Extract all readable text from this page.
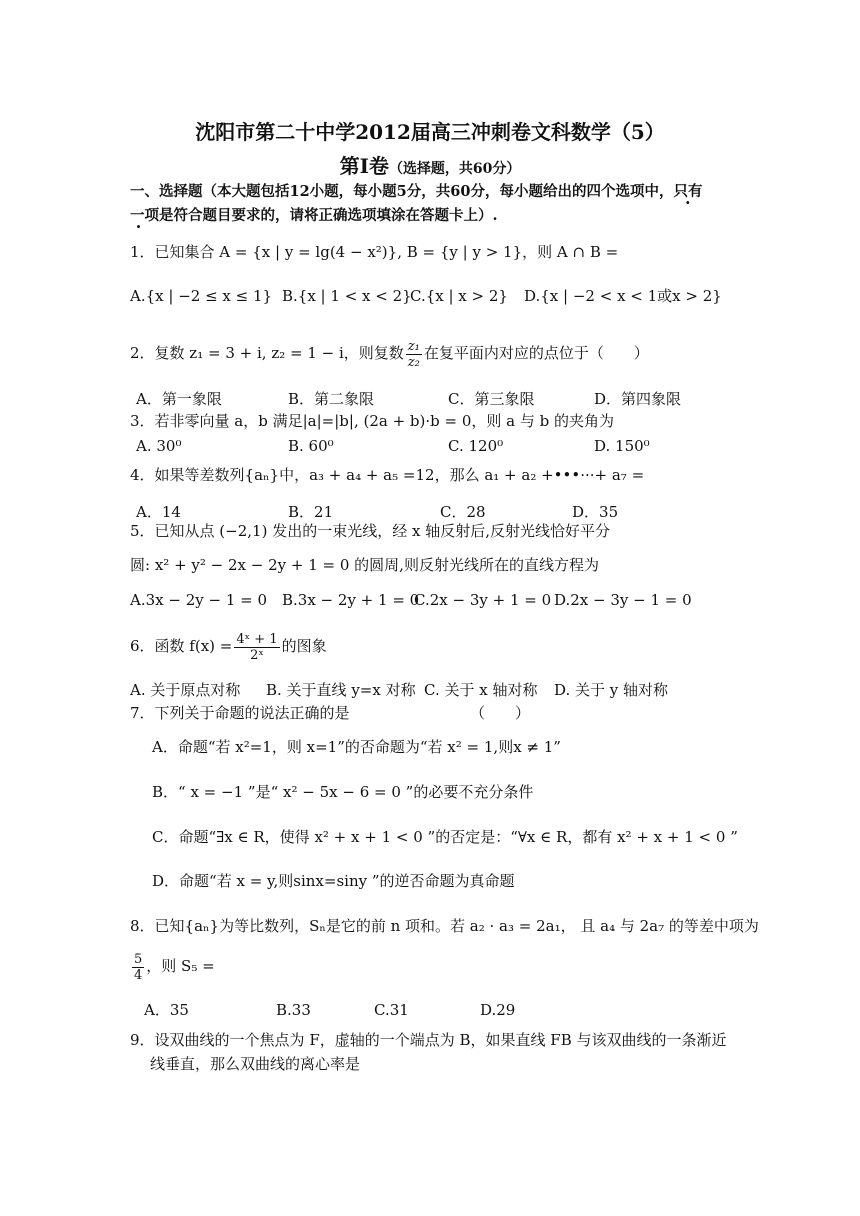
沈阳市第二十中学2012届高三冲刺卷文科数学（5）
第Ⅰ卷（选择题，共60分）
一、选择题（本大题包括12小题，每小题5分，共60分，每小题给出的四个选项中，只有
一项是符合题目要求的，请将正确选项填涂在答题卡上）.
1．已知集合 A = {x | y = lg(4 − x²)}, B = {y | y > 1}，则 A ∩ B =
A.{x | −2 ≤ x ≤ 1} B.{x | 1 < x < 2}
C.{x | x > 2} D.{x | −2 < x < 1或x > 2}
2．复数 z₁ = 3 + i, z₂ = 1 − i，则复数 $\frac{\text{z₁}}{\text{z₂}}$ 在复平面内对应的点位于（　　）
A．第一象限	B．第二象限	C．第三象限	D．第四象限
3．若非零向量 a，b 满足|a|=|b|, (2a + b)·b = 0，则 a 与 b 的夹角为
A. 30⁰	B. 60⁰	C. 120⁰	D. 150⁰
4．如果等差数列{aₙ}中，a₃ + a₄ + a₅ =12，那么 a₁ + a₂ +•••···+ a₇ =
A．14	B．21	C．28	D．35
5．已知从点 (−2,1) 发出的一束光线，经 x 轴反射后,反射光线恰好平分
圆: x² + y² − 2x − 2y + 1 = 0 的圆周,则反射光线所在的直线方程为
A.3x − 2y − 1 = 0 B.3x − 2y + 1 = 0
C.2x − 3y + 1 = 0 D.2x − 3y − 1 = 0
6．函数 $f(x) = \frac{\text{4ˣ + 1}}{\text{2ˣ}}$ 的图象
A. 关于原点对称 B. 关于直线 y=x 对称 C. 关于 x 轴对称 D. 关于 y 轴对称
7．下列关于命题的说法正确的是	（　　）
A．命题“若 x²=1，则 x=1”的否命题为“若 x² = 1,则x ≠ 1”
B．“ x = −1 ”是“ x² − 5x − 6 = 0 ”的必要不充分条件
C．命题“∃x ∈ R，使得 x² + x + 1 < 0 ”的否定是：“∀x ∈ R，都有 x² + x + 1 < 0 ”
D．命题“若 x = y,则sinx=siny ”的逆否命题为真命题
8．已知{aₙ}为等比数列，Sₙ是它的前 n 项和。若 a₂ · a₃ = 2a₁， 且 a₄ 与 2a₇ 的等差中项为
$\frac{5}{4}$ ，则 S₅ =
A．35	B.33	C.31	D.29
9．设双曲线的一个焦点为 F，虚轴的一个端点为 B，如果直线 FB 与该双曲线的一条渐近
线垂直，那么双曲线的离心率是
